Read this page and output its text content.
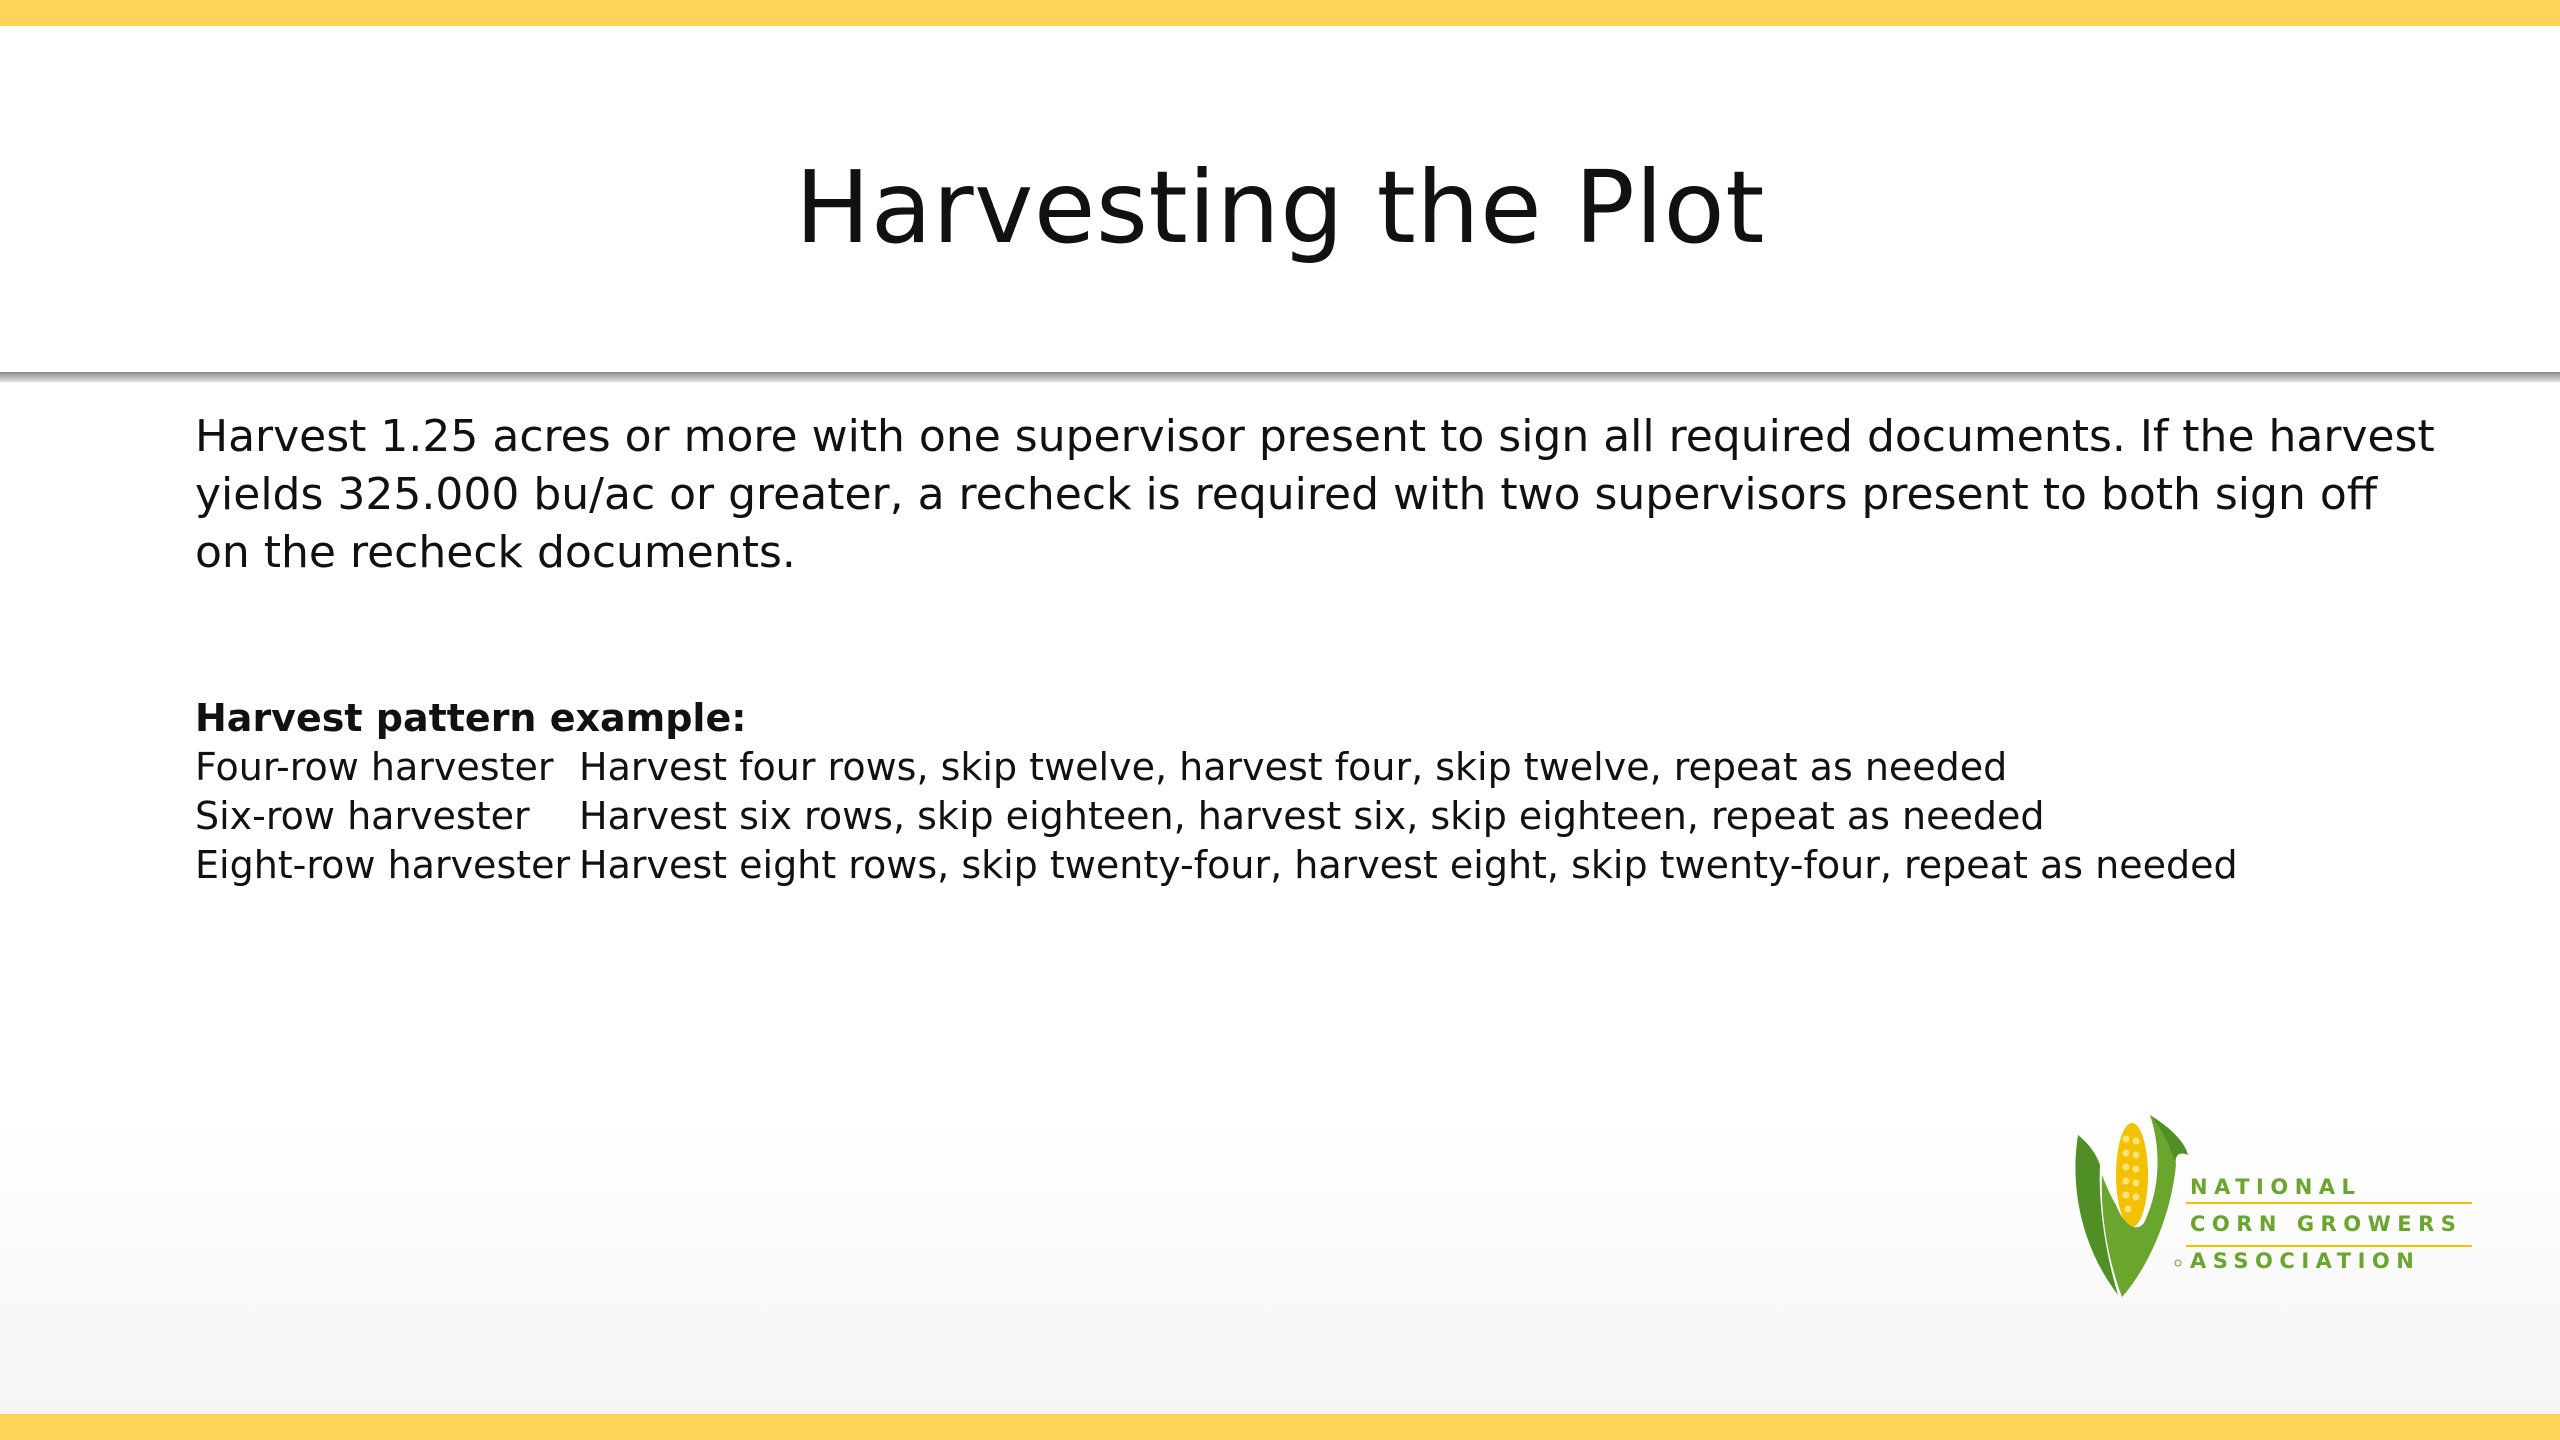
Harvesting the Plot

Harvest 1.25 acres or more with one supervisor present to sign all required documents. If the harvest yields 325.000 bu/ac or greater, a recheck is required with two supervisors present to both sign off on the recheck documents.

Harvest pattern example:

Four-row harvester Harvest four rows, skip twelve, harvest four, skip twelve, repeat as needed
Six-row harvester	Harvest six rows, skip eighteen, harvest six, skip eighteen, repeat as needed
Eight-row harvester Harvest eight rows, skip twenty-four, harvest eight, skip twenty-four, repeat as needed
NATIONAL
CORN GROWERS
ASSOCIATION
